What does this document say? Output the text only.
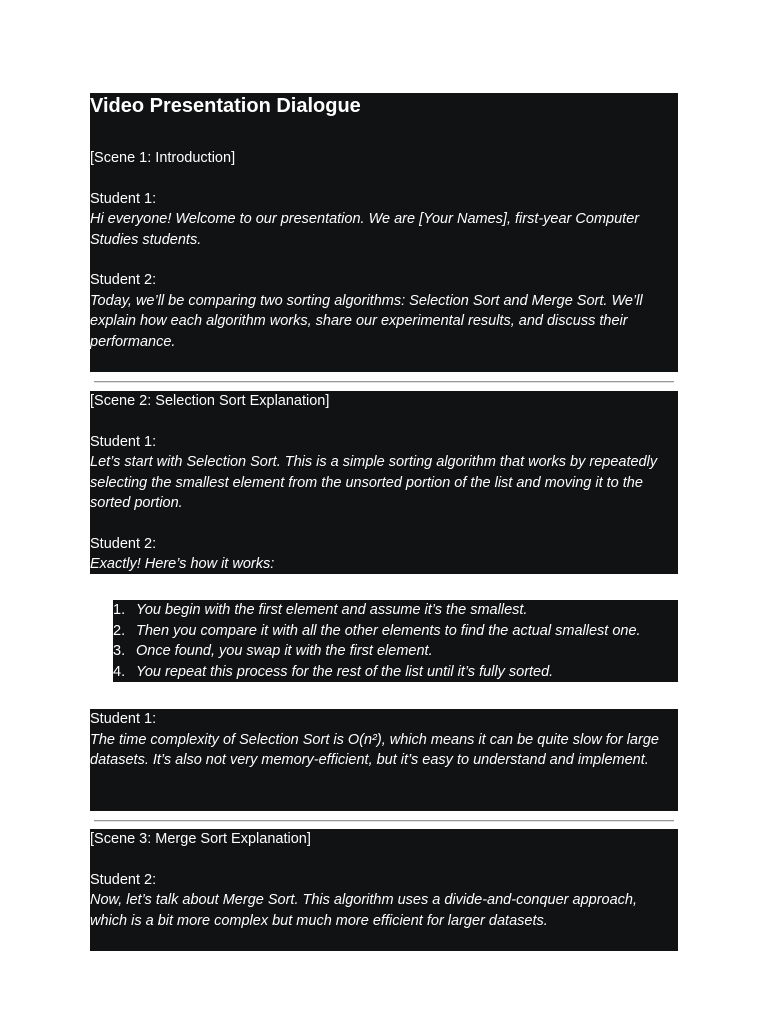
Video Presentation Dialogue

[Scene 1: Introduction]

Student 1:

Hi everyone! Welcome to our presentation. We are [Your Names], first-year Computer Studies students.

Student 2:

Today, we’ll be comparing two sorting algorithms: Selection Sort and Merge Sort. We’ll explain how each algorithm works, share our experimental results, and discuss their performance.

[Scene 2: Selection Sort Explanation]

Student 1:

Let’s start with Selection Sort. This is a simple sorting algorithm that works by repeatedly selecting the smallest element from the unsorted portion of the list and moving it to the sorted portion.

Student 2:

Exactly! Here’s how it works:

1. You begin with the first element and assume it’s the smallest.
2. Then you compare it with all the other elements to find the actual smallest one.
3. Once found, you swap it with the first element.
4. You repeat this process for the rest of the list until it’s fully sorted.

Student 1:

The time complexity of Selection Sort is O(n²), which means it can be quite slow for large datasets. It’s also not very memory-efficient, but it’s easy to understand and implement.

[Scene 3: Merge Sort Explanation]

Student 2:

Now, let’s talk about Merge Sort. This algorithm uses a divide-and-conquer approach, which is a bit more complex but much more efficient for larger datasets.
